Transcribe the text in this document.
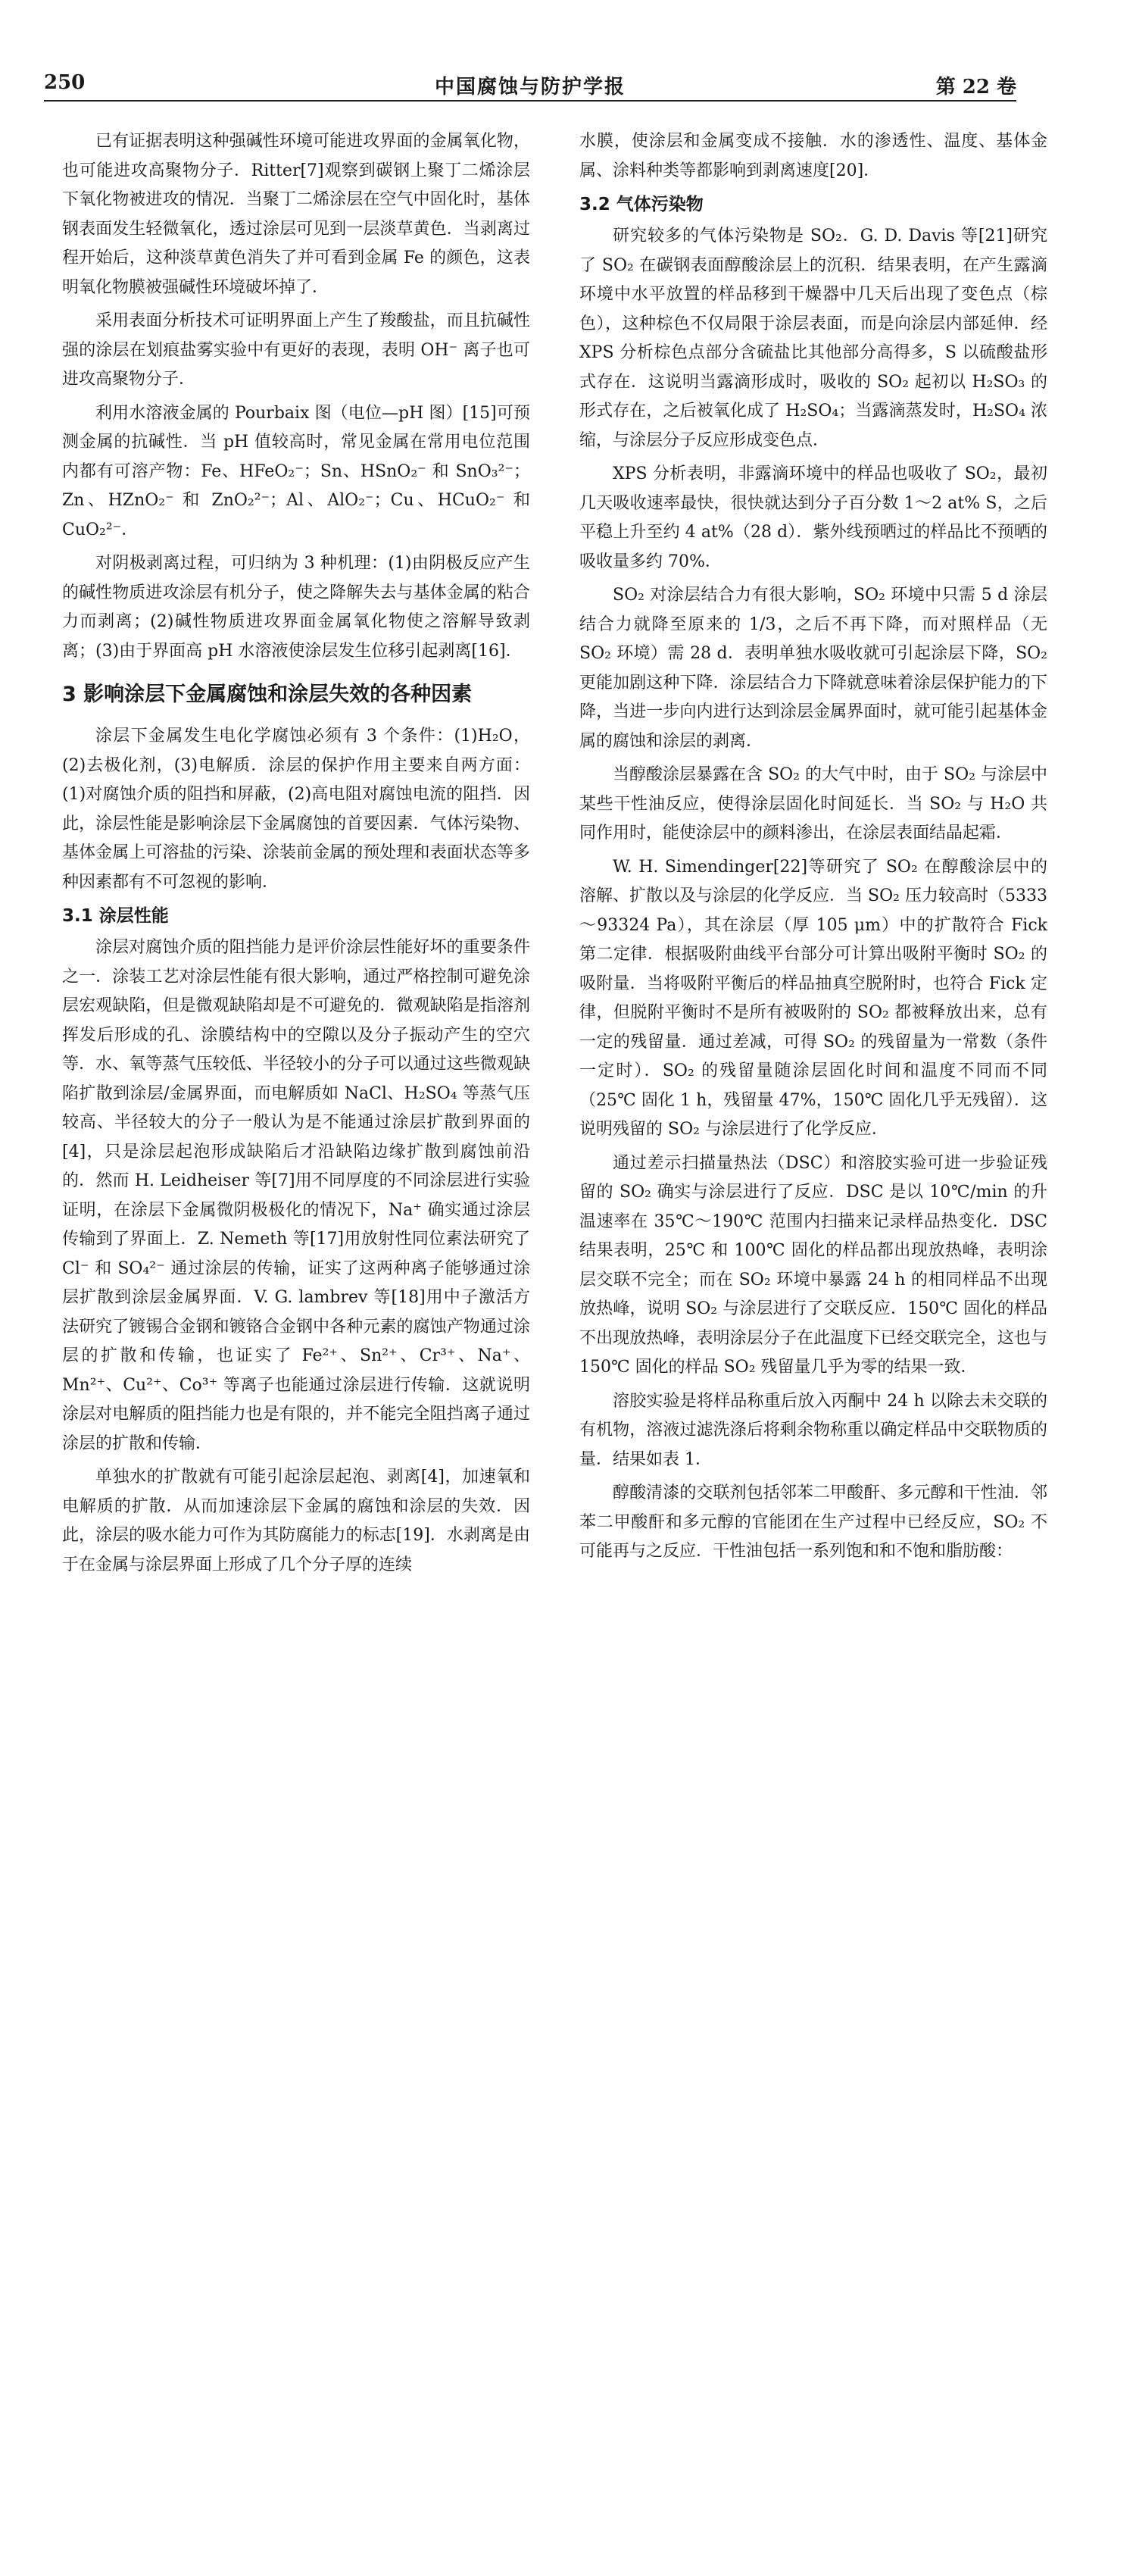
250	中国腐蚀与防护学报	第 22 卷

已有证据表明这种强碱性环境可能进攻界面的金属氧化物，也可能进攻高聚物分子．Ritter[7]观察到碳钢上聚丁二烯涂层下氧化物被进攻的情况．当聚丁二烯涂层在空气中固化时，基体钢表面发生轻微氧化，透过涂层可见到一层淡草黄色．当剥离过程开始后，这种淡草黄色消失了并可看到金属 Fe 的颜色，这表明氧化物膜被强碱性环境破坏掉了．

采用表面分析技术可证明界面上产生了羧酸盐，而且抗碱性强的涂层在划痕盐雾实验中有更好的表现，表明 OH⁻ 离子也可进攻高聚物分子．

利用水溶液金属的 Pourbaix 图（电位—pH 图）[15]可预测金属的抗碱性．当 pH 值较高时，常见金属在常用电位范围内都有可溶产物：Fe、HFeO₂⁻；Sn、HSnO₂⁻ 和 SnO₃²⁻；Zn、HZnO₂⁻ 和 ZnO₂²⁻；Al、AlO₂⁻；Cu、HCuO₂⁻ 和 CuO₂²⁻．

对阴极剥离过程，可归纳为 3 种机理：(1)由阴极反应产生的碱性物质进攻涂层有机分子，使之降解失去与基体金属的粘合力而剥离；(2)碱性物质进攻界面金属氧化物使之溶解导致剥离；(3)由于界面高 pH 水溶液使涂层发生位移引起剥离[16]．

3 影响涂层下金属腐蚀和涂层失效的各种因素

涂层下金属发生电化学腐蚀必须有 3 个条件：(1)H₂O，(2)去极化剂，(3)电解质．涂层的保护作用主要来自两方面：(1)对腐蚀介质的阻挡和屏蔽，(2)高电阻对腐蚀电流的阻挡．因此，涂层性能是影响涂层下金属腐蚀的首要因素．气体污染物、基体金属上可溶盐的污染、涂装前金属的预处理和表面状态等多种因素都有不可忽视的影响．

3.1 涂层性能

涂层对腐蚀介质的阻挡能力是评价涂层性能好坏的重要条件之一．涂装工艺对涂层性能有很大影响，通过严格控制可避免涂层宏观缺陷，但是微观缺陷却是不可避免的．微观缺陷是指溶剂挥发后形成的孔、涂膜结构中的空隙以及分子振动产生的空穴等．水、氧等蒸气压较低、半径较小的分子可以通过这些微观缺陷扩散到涂层/金属界面，而电解质如 NaCl、H₂SO₄ 等蒸气压较高、半径较大的分子一般认为是不能通过涂层扩散到界面的[4]，只是涂层起泡形成缺陷后才沿缺陷边缘扩散到腐蚀前沿的．然而 H. Leidheiser 等[7]用不同厚度的不同涂层进行实验证明，在涂层下金属微阴极极化的情况下，Na⁺ 确实通过涂层传输到了界面上．Z. Nemeth 等[17]用放射性同位素法研究了 Cl⁻ 和 SO₄²⁻ 通过涂层的传输，证实了这两种离子能够通过涂层扩散到涂层金属界面．V. G. lambrev 等[18]用中子激活方法研究了镀锡合金钢和镀铬合金钢中各种元素的腐蚀产物通过涂层的扩散和传输，也证实了 Fe²⁺、Sn²⁺、Cr³⁺、Na⁺、Mn²⁺、Cu²⁺、Co³⁺ 等离子也能通过涂层进行传输．这就说明涂层对电解质的阻挡能力也是有限的，并不能完全阻挡离子通过涂层的扩散和传输．

单独水的扩散就有可能引起涂层起泡、剥离[4]，加速氧和电解质的扩散．从而加速涂层下金属的腐蚀和涂层的失效．因此，涂层的吸水能力可作为其防腐能力的标志[19]．水剥离是由于在金属与涂层界面上形成了几个分子厚的连续

水膜，使涂层和金属变成不接触．水的渗透性、温度、基体金属、涂料种类等都影响到剥离速度[20]．

3.2 气体污染物

研究较多的气体污染物是 SO₂．G. D. Davis 等[21]研究了 SO₂ 在碳钢表面醇酸涂层上的沉积．结果表明，在产生露滴环境中水平放置的样品移到干燥器中几天后出现了变色点（棕色），这种棕色不仅局限于涂层表面，而是向涂层内部延伸．经 XPS 分析棕色点部分含硫盐比其他部分高得多，S 以硫酸盐形式存在．这说明当露滴形成时，吸收的 SO₂ 起初以 H₂SO₃ 的形式存在，之后被氧化成了 H₂SO₄；当露滴蒸发时，H₂SO₄ 浓缩，与涂层分子反应形成变色点．

XPS 分析表明，非露滴环境中的样品也吸收了 SO₂，最初几天吸收速率最快，很快就达到分子百分数 1～2 at% S，之后平稳上升至约 4 at%（28 d）．紫外线预晒过的样品比不预晒的吸收量多约 70%．

SO₂ 对涂层结合力有很大影响，SO₂ 环境中只需 5 d 涂层结合力就降至原来的 1/3，之后不再下降，而对照样品（无 SO₂ 环境）需 28 d．表明单独水吸收就可引起涂层下降，SO₂ 更能加剧这种下降．涂层结合力下降就意味着涂层保护能力的下降，当进一步向内进行达到涂层金属界面时，就可能引起基体金属的腐蚀和涂层的剥离．

当醇酸涂层暴露在含 SO₂ 的大气中时，由于 SO₂ 与涂层中某些干性油反应，使得涂层固化时间延长．当 SO₂ 与 H₂O 共同作用时，能使涂层中的颜料渗出，在涂层表面结晶起霜．

W. H. Simendinger[22]等研究了 SO₂ 在醇酸涂层中的溶解、扩散以及与涂层的化学反应．当 SO₂ 压力较高时（5333～93324 Pa），其在涂层（厚 105 μm）中的扩散符合 Fick 第二定律．根据吸附曲线平台部分可计算出吸附平衡时 SO₂ 的吸附量．当将吸附平衡后的样品抽真空脱附时，也符合 Fick 定律，但脱附平衡时不是所有被吸附的 SO₂ 都被释放出来，总有一定的残留量．通过差减，可得 SO₂ 的残留量为一常数（条件一定时）．SO₂ 的残留量随涂层固化时间和温度不同而不同（25℃ 固化 1 h，残留量 47%，150℃ 固化几乎无残留）．这说明残留的 SO₂ 与涂层进行了化学反应．

通过差示扫描量热法（DSC）和溶胶实验可进一步验证残留的 SO₂ 确实与涂层进行了反应．DSC 是以 10℃/min 的升温速率在 35℃～190℃ 范围内扫描来记录样品热变化．DSC 结果表明，25℃ 和 100℃ 固化的样品都出现放热峰，表明涂层交联不完全；而在 SO₂ 环境中暴露 24 h 的相同样品不出现放热峰，说明 SO₂ 与涂层进行了交联反应．150℃ 固化的样品不出现放热峰，表明涂层分子在此温度下已经交联完全，这也与 150℃ 固化的样品 SO₂ 残留量几乎为零的结果一致．

溶胶实验是将样品称重后放入丙酮中 24 h 以除去未交联的有机物，溶液过滤洗涤后将剩余物称重以确定样品中交联物质的量．结果如表 1．

醇酸清漆的交联剂包括邻苯二甲酸酐、多元醇和干性油．邻苯二甲酸酐和多元醇的官能团在生产过程中已经反应，SO₂ 不可能再与之反应．干性油包括一系列饱和和不饱和脂肪酸：
